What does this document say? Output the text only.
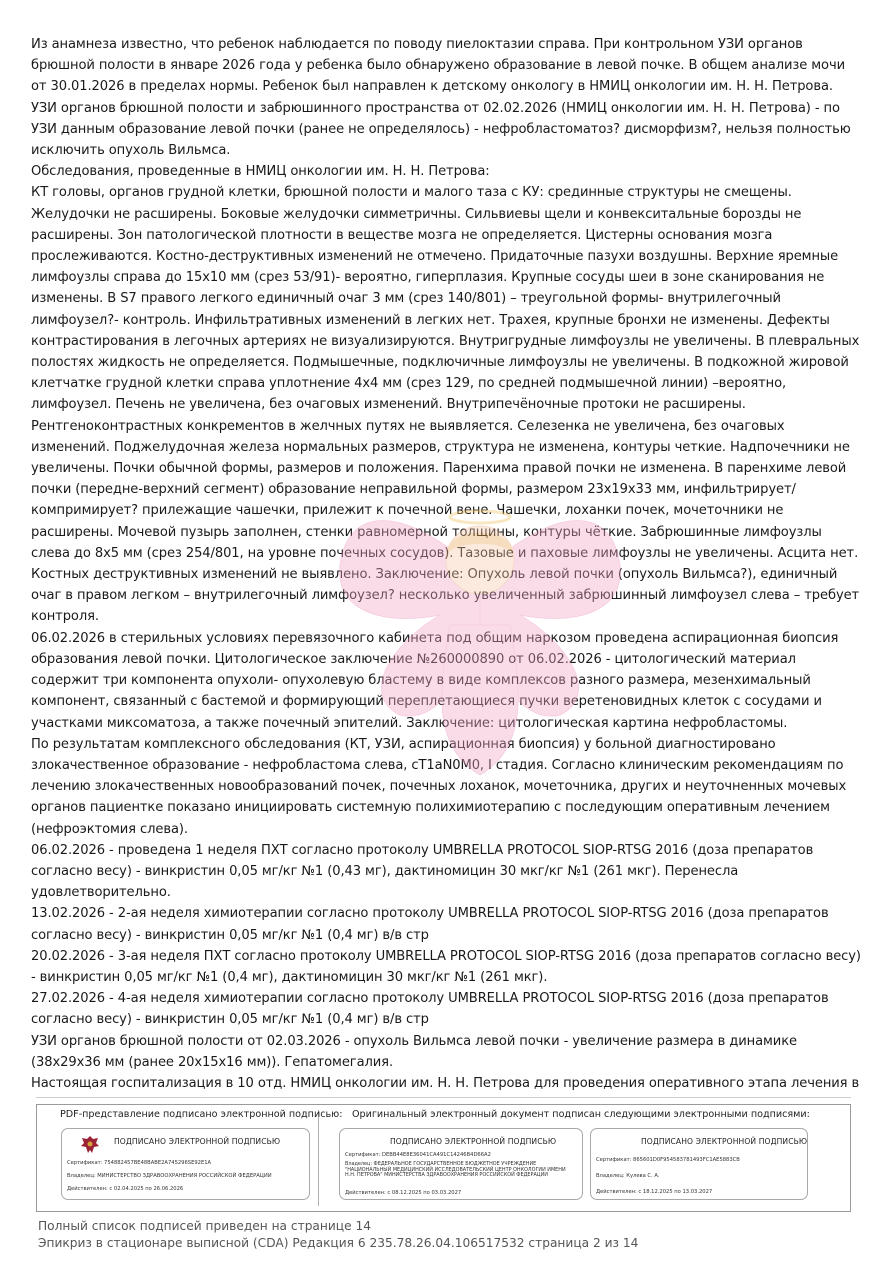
Из анамнеза известно, что ребенок наблюдается по поводу пиелоктазии справа. При контрольном УЗИ органов брюшной полости в январе 2026 года у ребенка было обнаружено образование в левой почке. В общем анализе мочи от 30.01.2026 в пределах нормы. Ребенок был направлен к детскому онкологу в НМИЦ онкологии им. Н. Н. Петрова.

УЗИ органов брюшной полости и забрюшинного пространства от 02.02.2026 (НМИЦ онкологии им. Н. Н. Петрова) - по УЗИ данным образование левой почки (ранее не определялось) - нефробластоматоз? дисморфизм?, нельзя полностью исключить опухоль Вильмса.

Обследования, проведенные в НМИЦ онкологии им. Н. Н. Петрова:

КТ головы, органов грудной клетки, брюшной полости и малого таза с КУ: срединные структуры не смещены. Желудочки не расширены. Боковые желудочки симметричны. Сильвиевы щели и конвекситальные борозды не расширены. Зон патологической плотности в веществе мозга не определяется. Цистерны основания мозга прослеживаются. Костно-деструктивных изменений не отмечено. Придаточные пазухи воздушны. Верхние яремные лимфоузлы справа до 15х10 мм (срез 53/91)- вероятно, гиперплазия. Крупные сосуды шеи в зоне сканирования не изменены. В S7 правого легкого единичный очаг 3 мм (срез 140/801) – треугольной формы- внутрилегочный лимфоузел?- контроль. Инфильтративных изменений в легких нет. Трахея, крупные бронхи не изменены. Дефекты контрастирования в легочных артериях не визуализируются. Внутригрудные лимфоузлы не увеличены. В плевральных полостях жидкость не определяется. Подмышечные, подключичные лимфоузлы не увеличены. В подкожной жировой клетчатке грудной клетки справа уплотнение 4х4 мм (срез 129, по средней подмышечной линии) –вероятно, лимфоузел. Печень не увеличена, без очаговых изменений. Внутрипечёночные протоки не расширены. Рентгеноконтрастных конкрементов в желчных путях не выявляется. Селезенка не увеличена, без очаговых изменений. Поджелудочная железа нормальных размеров, структура не изменена, контуры четкие. Надпочечники не увеличены. Почки обычной формы, размеров и положения. Паренхима правой почки не изменена. В паренхиме левой почки (передне-верхний сегмент) образование неправильной формы, размером 23х19х33 мм, инфильтрирует/компримирует? прилежащие чашечки, прилежит к почечной вене. Чашечки, лоханки почек, мочеточники не расширены. Мочевой пузырь заполнен, стенки равномерной толщины, контуры чёткие. Забрюшинные лимфоузлы слева до 8х5 мм (срез 254/801, на уровне почечных сосудов). Тазовые и паховые лимфоузлы не увеличены. Асцита нет. Костных деструктивных изменений не выявлено. Заключение: Опухоль левой почки (опухоль Вильмса?), единичный очаг в правом легком – внутрилегочный лимфоузел? несколько увеличенный забрюшинный лимфоузел слева – требует контроля.

06.02.2026 в стерильных условиях перевязочного кабинета под общим наркозом проведена аспирационная биопсия образования левой почки. Цитологическое заключение №260000890 от 06.02.2026 - цитологический материал содержит три компонента опухоли- опухолевую бластему в виде комплексов разного размера, мезенхимальный компонент, связанный с бастемой и формирующий переплетающиеся пучки веретеновидных клеток с сосудами и участками миксоматоза, а также почечный эпителий. Заключение: цитологическая картина нефробластомы.

По результатам комплексного обследования (КТ, УЗИ, аспирационная биопсия) у больной диагностировано злокачественное образование - нефробластома слева, cT1aN0M0, I стадия. Согласно клиническим рекомендациям по лечению злокачественных новообразований почек, почечных лоханок, мочеточника, других и неуточненных мочевых органов пациентке показано инициировать системную полихимиотерапию с последующим оперативным лечением (нефроэктомия слева).

06.02.2026 - проведена 1 неделя ПХТ согласно протоколу UMBRELLA PROTOCOL SIOP-RTSG 2016 (доза препаратов согласно весу) - винкристин 0,05 мг/кг №1 (0,43 мг), дактиномицин 30 мкг/кг №1 (261 мкг). Перенесла удовлетворительно.

13.02.2026 - 2-ая неделя химиотерапии согласно протоколу UMBRELLA PROTOCOL SIOP-RTSG 2016 (доза препаратов согласно весу) - винкристин 0,05 мг/кг №1 (0,4 мг) в/в стр

20.02.2026 - 3-ая неделя ПХТ согласно протоколу UMBRELLA PROTOCOL SIOP-RTSG 2016 (доза препаратов согласно весу) - винкристин 0,05 мг/кг №1 (0,4 мг), дактиномицин 30 мкг/кг №1 (261 мкг).

27.02.2026 - 4-ая неделя химиотерапии согласно протоколу UMBRELLA PROTOCOL SIOP-RTSG 2016 (доза препаратов согласно весу) - винкристин 0,05 мг/кг №1 (0,4 мг) в/в стр

УЗИ органов брюшной полости от 02.03.2026 - опухоль Вильмса левой почки - увеличение размера в динамике (38х29х36 мм (ранее 20х15х16 мм)). Гепатомегалия.

Настоящая госпитализация в 10 отд. НМИЦ онкологии им. Н. Н. Петрова для проведения оперативного этапа лечения в

PDF-представление подписано электронной подписью: Оригинальный электронный документ подписан следующими электронными подписями:
ПОДПИСАНО ЭЛЕКТРОННОЙ ПОДПИСЬЮ
Сертификат: 754882457BE48BABE2A745296SE92E1A
Владелец: МИНИСТЕРСТВО ЗДРАВООХРАНЕНИЯ РОССИЙСКОЙ ФЕДЕРАЦИИ
Действителен: с 02.04.2025 по 26.06.2026
ПОДПИСАНО ЭЛЕКТРОННОЙ ПОДПИСЬЮ
Сертификат: DEBB44E8E36041CA491C14246B4D66A2
Владелец: ФЕДЕРАЛЬНОЕ ГОСУДАРСТВЕННОЕ БЮДЖЕТНОЕ УЧРЕЖДЕНИЕ "НАЦИОНАЛЬНЫЙ МЕДИЦИНСКИЙ ИССЛЕДОВАТЕЛЬСКИЙ ЦЕНТР ОНКОЛОГИИ ИМЕНИ Н.Н. ПЕТРОВА" МИНИСТЕРСТВА ЗДРАВООХРАНЕНИЯ РОССИЙСКОЙ ФЕДЕРАЦИИ
Действителен: с 08.12.2025 по 03.03.2027
ПОДПИСАНО ЭЛЕКТРОННОЙ ПОДПИСЬЮ
Сертификат: 865601D0F954583781493FC1AE5883CB
Владелец: Кулева С. А.
Действителен: с 18.12.2025 по 13.03.2027
Полный список подписей приведен на странице 14
Эпикриз в стационаре выписной (CDA) Редакция 6 235.78.26.04.106517532 страница 2 из 14
